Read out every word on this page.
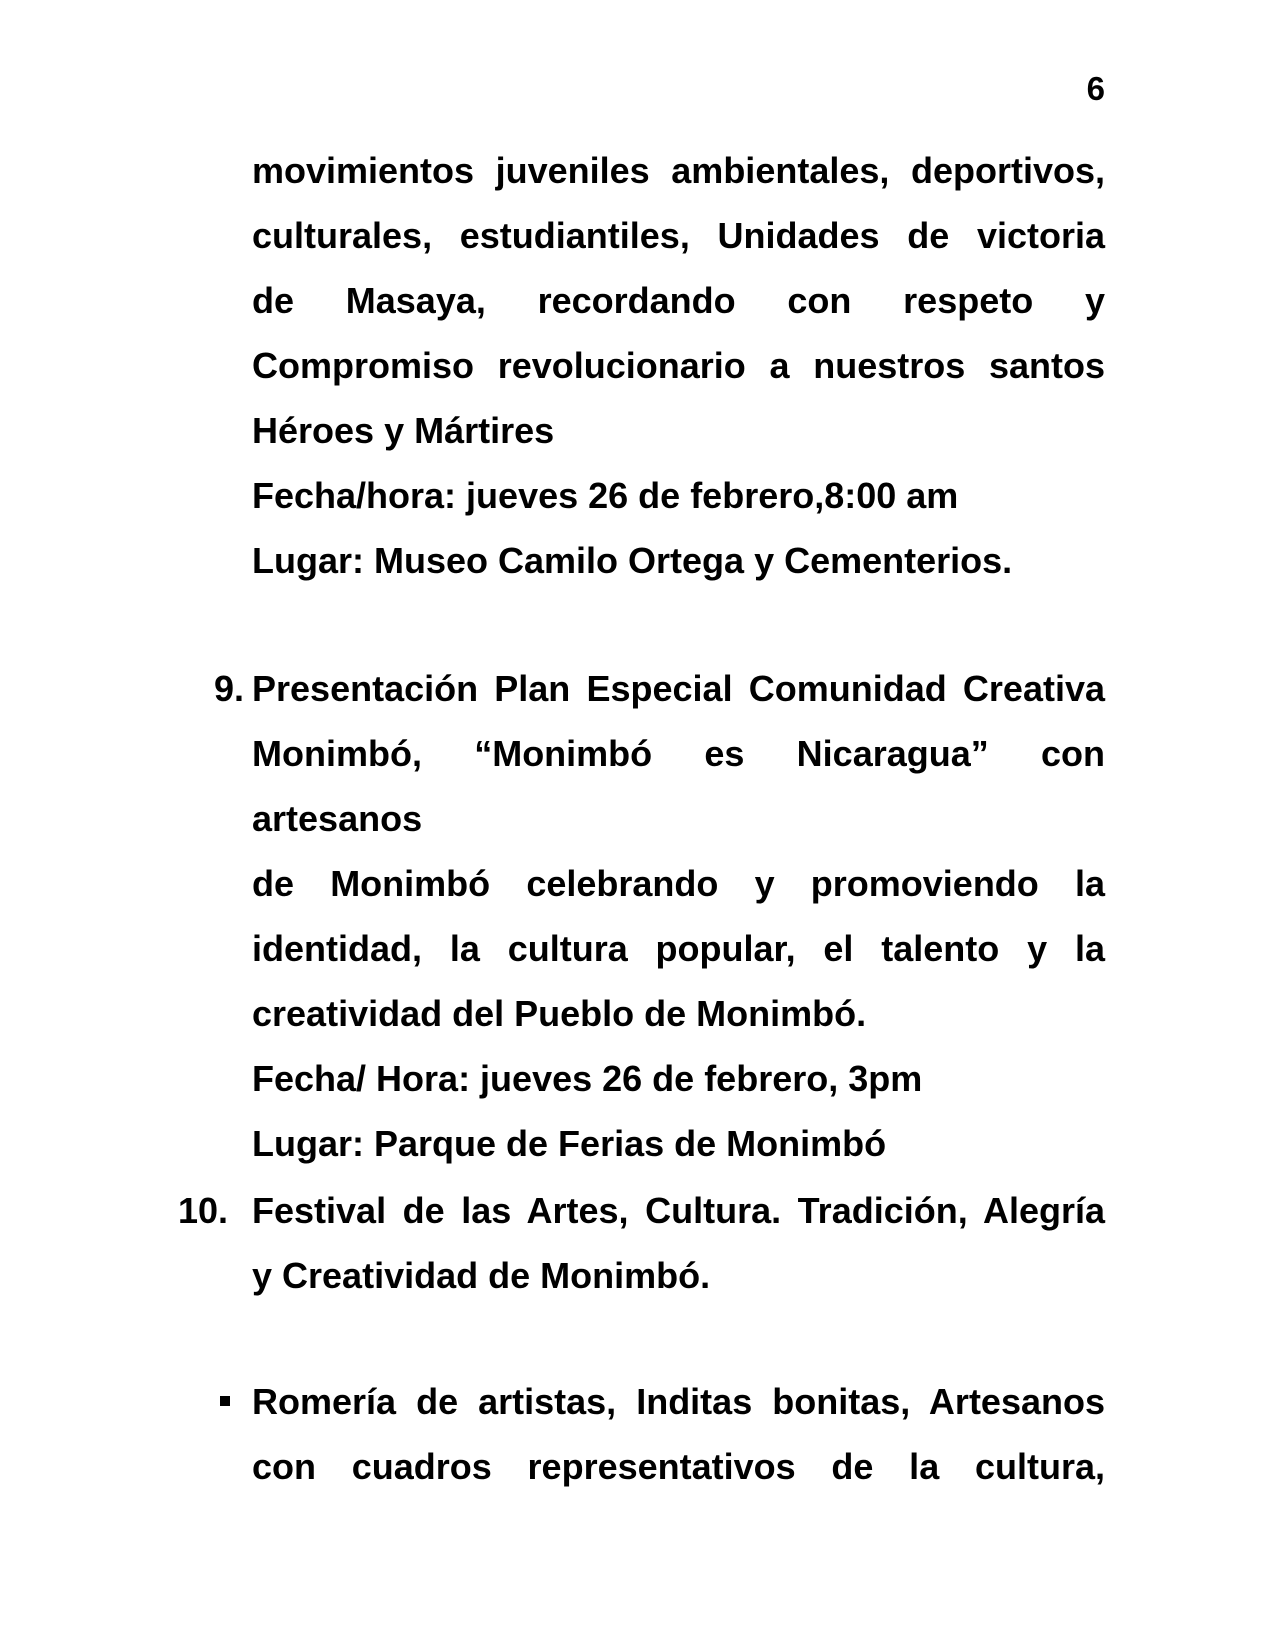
6
movimientos juveniles ambientales, deportivos,
culturales, estudiantiles, Unidades de victoria
de Masaya, recordando con respeto y
Compromiso revolucionario a nuestros santos
Héroes y Mártires
Fecha/hora: jueves 26 de febrero,8:00 am
Lugar: Museo Camilo Ortega y Cementerios.
9. Presentación Plan Especial Comunidad Creativa
Monimbó, “Monimbó es Nicaragua” con artesanos
de Monimbó celebrando y promoviendo la
identidad, la cultura popular, el talento y la
creatividad del Pueblo de Monimbó.
Fecha/ Hora: jueves 26 de febrero, 3pm
Lugar: Parque de Ferias de Monimbó
10. Festival de las Artes, Cultura. Tradición, Alegría
y Creatividad de Monimbó.
Romería de artistas, Inditas bonitas, Artesanos
con cuadros representativos de la cultura,
